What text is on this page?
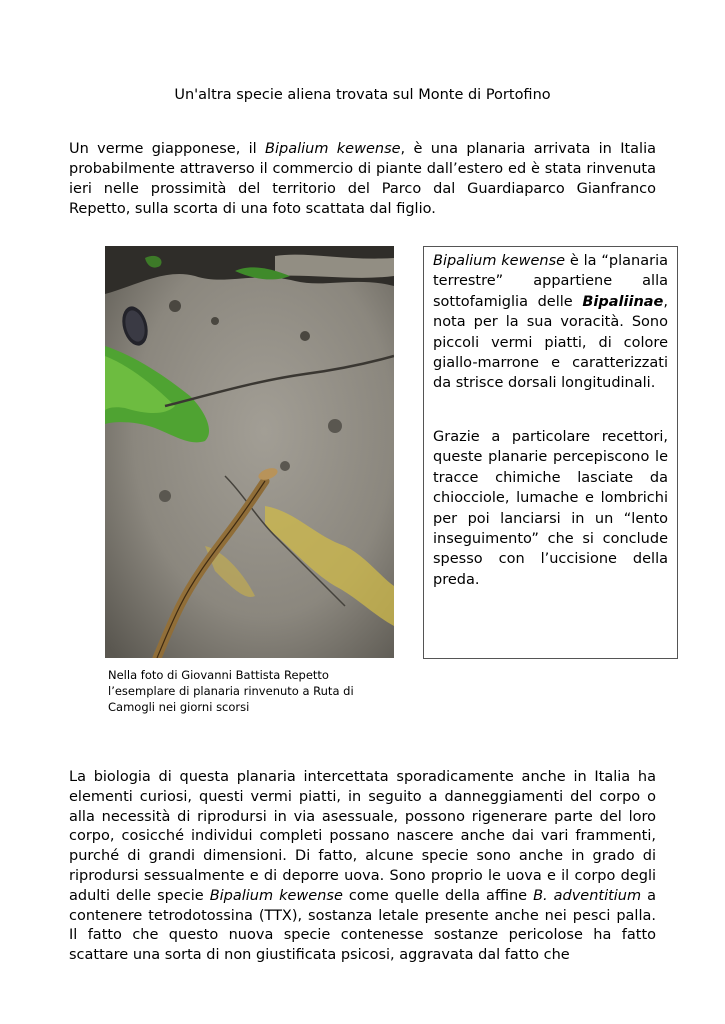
Un'altra specie aliena trovata sul Monte di Portofino
Un verme giapponese, il Bipalium kewense, è una planaria arrivata in Italia probabilmente attraverso il commercio di piante dall’estero ed è stata rinvenuta ieri nelle prossimità del territorio del Parco dal Guardiaparco Gianfranco Repetto, sulla scorta di una foto scattata dal figlio.
Nella foto di Giovanni Battista Repetto l’esemplare di planaria rinvenuto a Ruta di Camogli nei giorni scorsi

Bipalium kewense è la “planaria terrestre” appartiene alla sottofamiglia delle Bipaliinae, nota per la sua voracità. Sono piccoli vermi piatti, di colore giallo-marrone e caratterizzati da strisce dorsali longitudinali.

Grazie a particolare recettori, queste planarie percepiscono le tracce chimiche lasciate da chiocciole, lumache e lombrichi per poi lanciarsi in un “lento inseguimento” che si conclude spesso con l’uccisione della preda.

La biologia di questa planaria intercettata sporadicamente anche in Italia ha elementi curiosi, questi vermi piatti, in seguito a danneggiamenti del corpo o alla necessità di riprodursi in via asessuale, possono rigenerare parte del loro corpo, cosicché individui completi possano nascere anche dai vari frammenti, purché di grandi dimensioni. Di fatto, alcune specie sono anche in grado di riprodursi sessualmente e di deporre uova. Sono proprio le uova e il corpo degli adulti delle specie Bipalium kewense come quelle della affine B. adventitium a contenere tetrodotossina (TTX), sostanza letale presente anche nei pesci palla. Il fatto che questo nuova specie contenesse sostanze pericolose ha fatto scattare una sorta di non giustificata psicosi, aggravata dal fatto che
